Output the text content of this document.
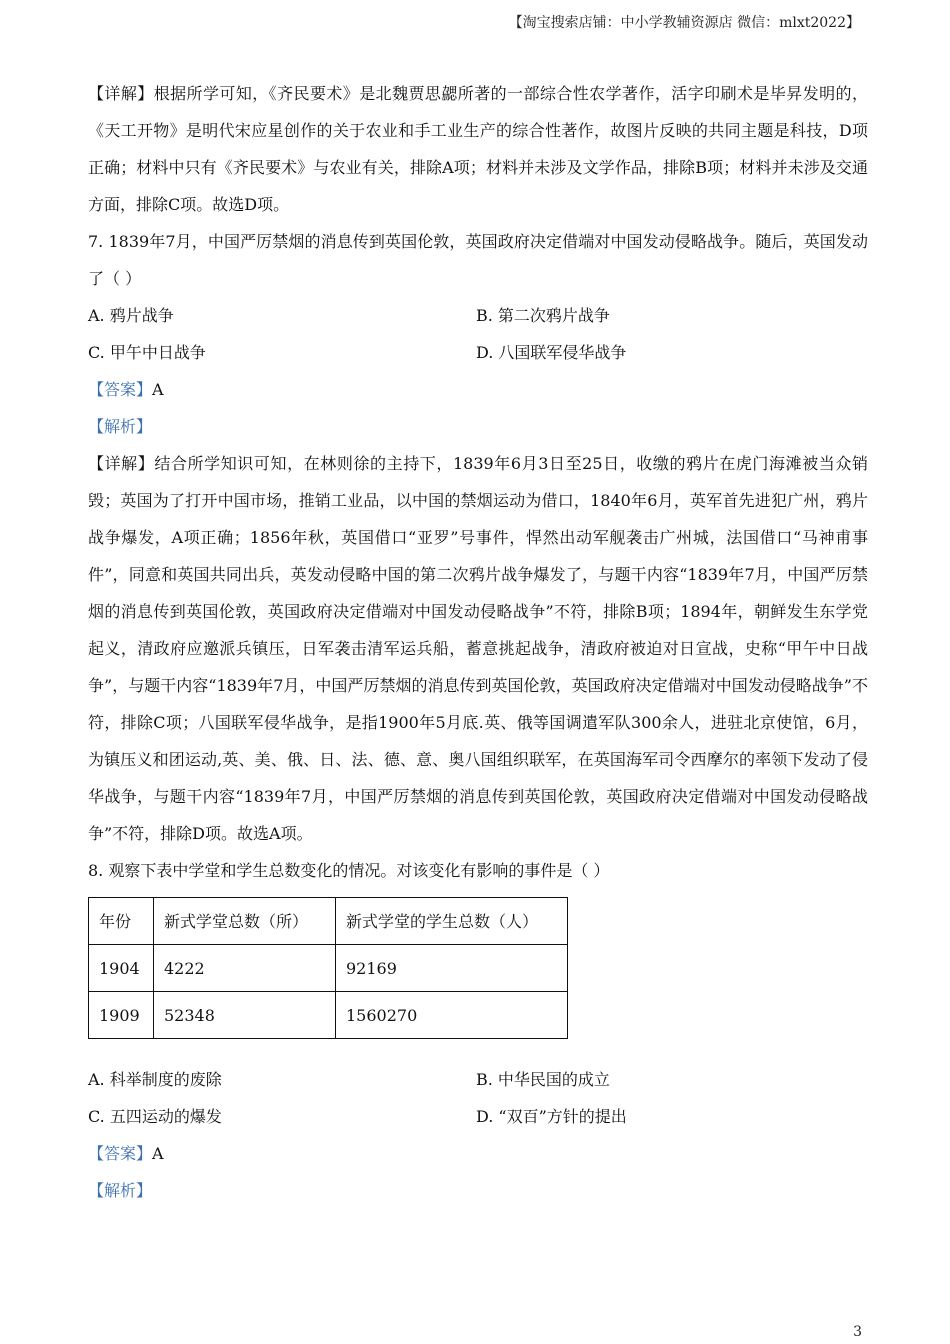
【淘宝搜索店铺：中小学教辅资源店 微信：mlxt2022】

【详解】根据所学可知，《齐民要术》是北魏贾思勰所著的一部综合性农学著作，活字印刷术是毕昇发明的，《天工开物》是明代宋应星创作的关于农业和手工业生产的综合性著作，故图片反映的共同主题是科技，D项正确；材料中只有《齐民要术》与农业有关，排除A项；材料并未涉及文学作品，排除B项；材料并未涉及交通方面，排除C项。故选D项。

7. 1839年7月，中国严厉禁烟的消息传到英国伦敦，英国政府决定借端对中国发动侵略战争。随后，英国发动了（ ）

A. 鸦片战争	B. 第二次鸦片战争
C. 甲午中日战争	D. 八国联军侵华战争

【答案】A

【解析】

【详解】结合所学知识可知，在林则徐的主持下，1839年6月3日至25日，收缴的鸦片在虎门海滩被当众销毁；英国为了打开中国市场，推销工业品，以中国的禁烟运动为借口，1840年6月，英军首先进犯广州，鸦片战争爆发，A项正确；1856年秋，英国借口“亚罗”号事件，悍然出动军舰袭击广州城，法国借口“马神甫事件”，同意和英国共同出兵，英发动侵略中国的第二次鸦片战争爆发了，与题干内容“1839年7月，中国严厉禁烟的消息传到英国伦敦，英国政府决定借端对中国发动侵略战争”不符，排除B项；1894年，朝鲜发生东学党起义，清政府应邀派兵镇压，日军袭击清军运兵船，蓄意挑起战争，清政府被迫对日宣战，史称“甲午中日战争”，与题干内容“1839年7月，中国严厉禁烟的消息传到英国伦敦，英国政府决定借端对中国发动侵略战争”不符，排除C项；八国联军侵华战争，是指1900年5月底.英、俄等国调遣军队300余人，进驻北京使馆，6月，为镇压义和团运动,英、美、俄、日、法、德、意、奥八国组织联军，在英国海军司令西摩尔的率领下发动了侵华战争，与题干内容“1839年7月，中国严厉禁烟的消息传到英国伦敦，英国政府决定借端对中国发动侵略战争”不符，排除D项。故选A项。

8. 观察下表中学堂和学生总数变化的情况。对该变化有影响的事件是（ ）

年份	新式学堂总数（所）	新式学堂的学生总数（人）
1904	4222	92169
1909	52348	1560270
A. 科举制度的废除	B. 中华民国的成立
C. 五四运动的爆发	D. “双百”方针的提出

【答案】A

【解析】

3
